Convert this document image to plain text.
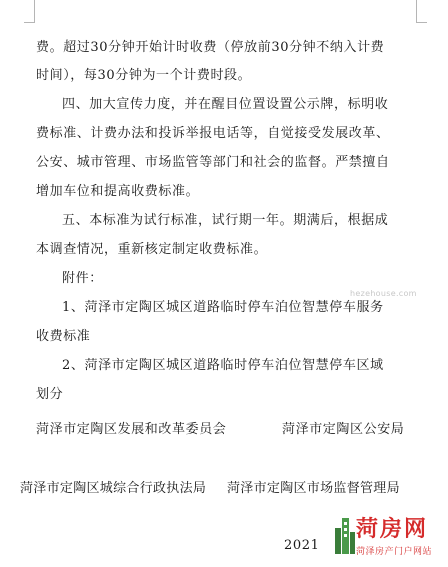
费。超过30分钟开始计时收费（停放前30分钟不纳入计费
时间），每30分钟为一个计费时段。
四、加大宣传力度，并在醒目位置设置公示牌，标明收
费标准、计费办法和投诉举报电话等，自觉接受发展改革、
公安、城市管理、市场监管等部门和社会的监督。严禁擅自
增加车位和提高收费标准。
五、本标准为试行标准，试行期一年。期满后，根据成
本调查情况，重新核定制定收费标准。
附件：
1、菏泽市定陶区城区道路临时停车泊位智慧停车服务
收费标准
2、菏泽市定陶区城区道路临时停车泊位智慧停车区域
划分
菏泽市定陶区发展和改革委员会	菏泽市定陶区公安局
菏泽市定陶区城综合行政执法局 菏泽市定陶区市场监督管理局
2021
hezehouse.com
菏房网
菏泽房产门户网站
